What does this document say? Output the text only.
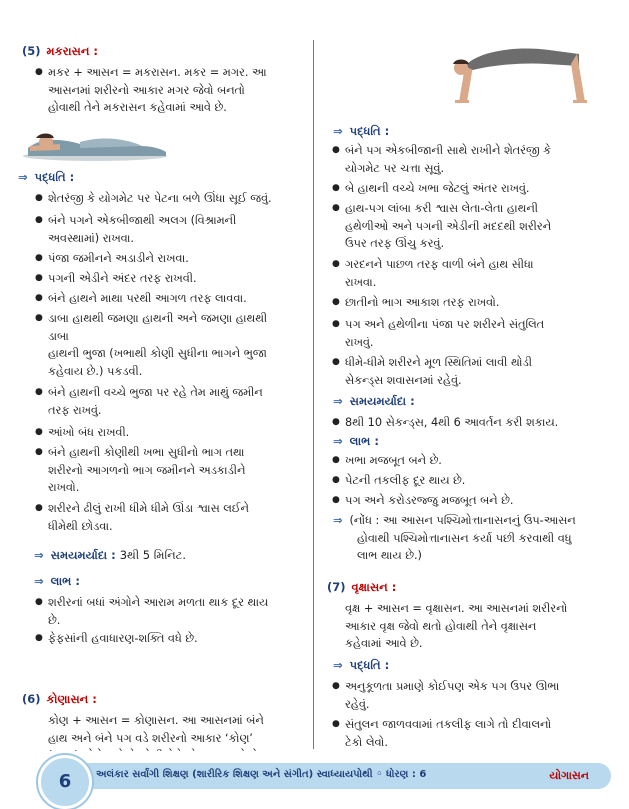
(5) મકરાસન :
● મકર + આસન = મકરાસન. મકર = મગર. આ
આસનમાં શરીરનો આકાર મગર જેવો બનતો
હોવાથી તેને મકરાસન કહેવામાં આવે છે.
⇒ પદ્ધતિ :
● શેતરંજી કે યોગમેટ પર પેટના બળે ઊંધા સૂઈ જવું.
● બંને પગને એકબીજાથી અલગ (વિશ્રામની
અવસ્થામાં) રાખવા.
● પંજા જમીનને અડાડીને રાખવા.
● પગની એડીને અંદર તરફ રાખવી.
● બંને હાથને માથા પરથી આગળ તરફ લાવવા.
● ડાબા હાથથી જમણા હાથની અને જમણા હાથથી
ડાબા
હાથની ભુજા (ખભાથી કોણી સુધીના ભાગને ભુજા
કહેવાય છે.) પકડવી.
● બંને હાથની વચ્ચે ભુજા પર રહે તેમ માથું જમીન
તરફ રાખવું.
● આંખો બંધ રાખવી.
● બંને હાથની કોણીથી ખભા સુધીનો ભાગ તથા
શરીરનો આગળનો ભાગ જમીનને અડકાડીને
રાખવો.
● શરીરને ઢીલું રાખી ધીમે ધીમે ઊંડા શ્વાસ લઈને
ધીમેથી છોડવા.
⇒ સમયમર્યાદા : 3થી 5 મિનિટ.
⇒ લાભ :
● શરીરનાં બધાં અંગોને આરામ મળતા થાક દૂર થાય
છે.
● ફેફસાંની હવાધારણ-શક્તિ વધે છે.
(6) કોણાસન :
કોણ + આસન = કોણાસન. આ આસનમાં બંને
હાથ અને બંને પગ વડે શરીરનો આકાર ‘કોણ’

⇒ પદ્ધતિ :
● બંને પગ એકબીજાની સાથે રાખીને શેતરંજી કે
યોગમેટ પર ચત્તા સૂવું.
● બે હાથની વચ્ચે ખભા જેટલું અંતર રાખવું.
● હાથ-પગ લાંબા કરી શ્વાસ લેતા-લેતા હાથની
હથેળીઓ અને પગની એડીની મદદથી શરીરને
ઉપર તરફ ઊંચુ કરવું.
● ગરદનને પાછળ તરફ વાળી બંને હાથ સીધા
રાખવા.
● છાતીનો ભાગ આકાશ તરફ રાખવો.
● પગ અને હથેળીના પંજા પર શરીરને સંતુલિત
રાખવું.
● ધીમે-ધીમે શરીરને મૂળ સ્થિતિમાં લાવી થોડી
સેકન્ડ્સ શવાસનમાં રહેવું.
⇒ સમયમર્યાદા :
● 8થી 10 સેકન્ડ્સ, 4થી 6 આવર્તન કરી શકાય.
⇒ લાભ :
● ખભા મજબૂત બને છે.
● પેટની તકલીફ દૂર થાય છે.
● પગ અને કરોડરજ્જુ મજબૂત બને છે.
⇒ (નોંધ : આ આસન પશ્ચિમોત્તાનાસનનું ઉપ-આસન
હોવાથી પશ્ચિમોત્તાનાસન કર્યા પછી કરવાથી વધુ
લાભ થાય છે.)
(7) વૃક્ષાસન :
વૃક્ષ + આસન = વૃક્ષાસન. આ આસનમાં શરીરનો
આકાર વૃક્ષ જેવો થતો હોવાથી તેને વૃક્ષાસન
કહેવામાં આવે છે.
⇒ પદ્ધતિ :
● અનુકૂળતા પ્રમાણે કોઈપણ એક પગ ઉપર ઊભા
રહેવું.
● સંતુલન જાળવવામાં તકલીફ લાગે તો દીવાલનો
ટેકો લેવો.
6	અલંકાર સર્વાંગી શિક્ષણ (શારીરિક શિક્ષણ અને સંગીત) સ્વાધ્યાયપોથી ◦ ધોરણ : 6	યોગાસન
